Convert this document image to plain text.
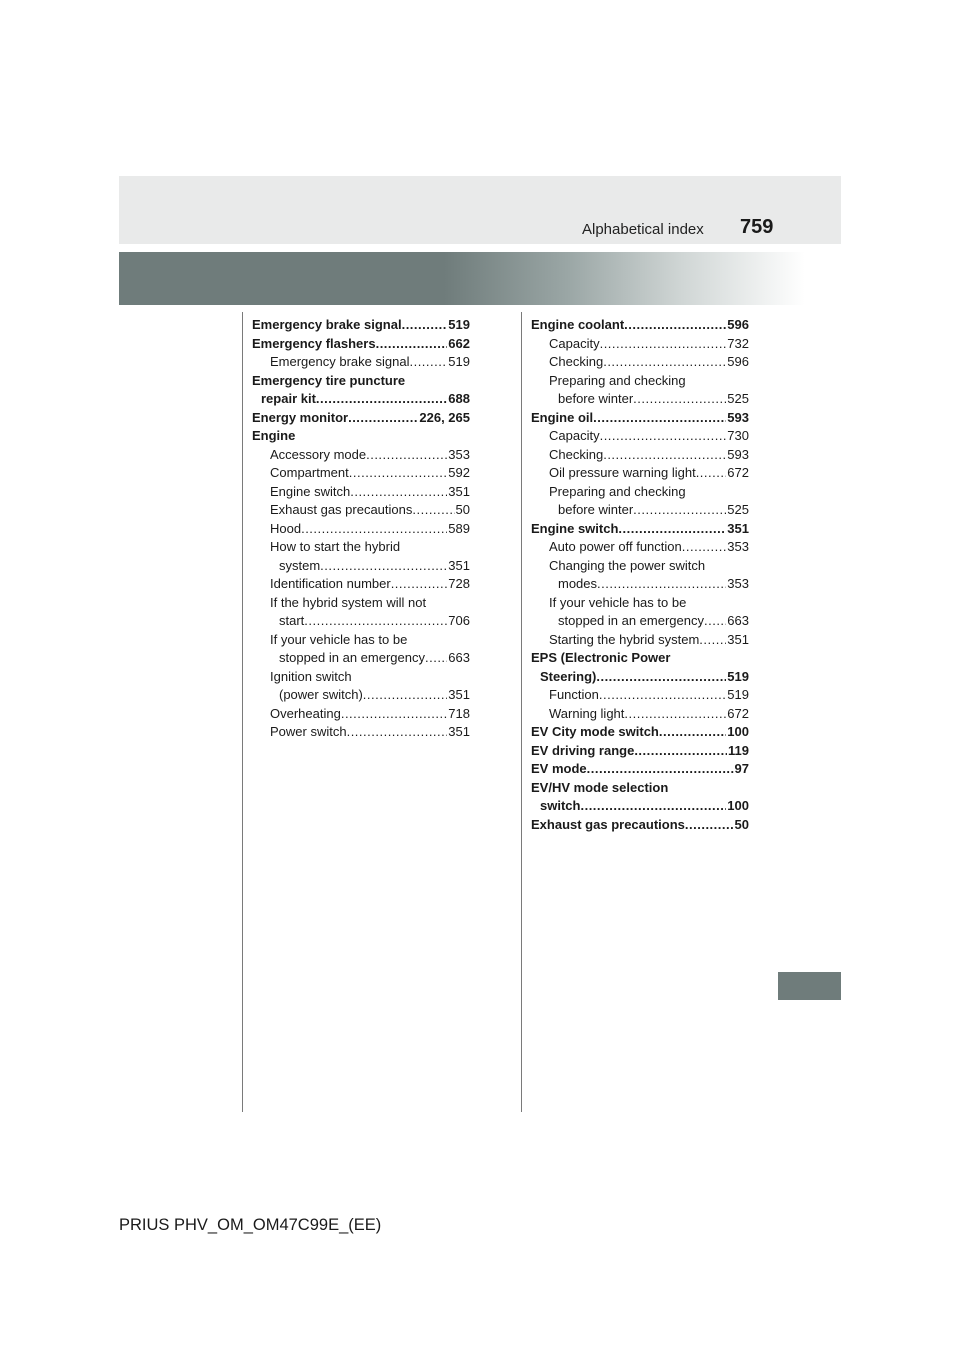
Alphabetical index 759
Emergency brake signal .....	519
Emergency flashers .....	662
Emergency brake signal .....	519
Emergency tire puncture
repair kit .....	688
Energy monitor .....	226, 265
Engine
Accessory mode .....	353
Compartment .....	592
Engine switch .....	351
Exhaust gas precautions .....	50
Hood .....	589
How to start the hybrid
system .....	351
Identification number .....	728
If the hybrid system will not
start .....	706
If your vehicle has to be
stopped in an emergency ..... 663
Ignition switch
(power switch) .....	351
Overheating .....	718
Power switch .....	351
Engine coolant .....	596
Capacity .....	732
Checking .....	596
Preparing and checking
before winter .....	525
Engine oil .....	593
Capacity .....	730
Checking .....	593
Oil pressure warning light ..... 672
Preparing and checking
before winter .....	525
Engine switch .....	351
Auto power off function .....	353
Changing the power switch
modes .....	353
If your vehicle has to be
stopped in an emergency ..... 663
Starting the hybrid system ..... 351
EPS (Electronic Power
Steering) .....	519
Function .....	519
Warning light .....	672
EV City mode switch .....	100
EV driving range .....	119
EV mode .....	97
EV/HV mode selection
switch .....	100
Exhaust gas precautions .....	50
PRIUS PHV_OM_OM47C99E_(EE)
